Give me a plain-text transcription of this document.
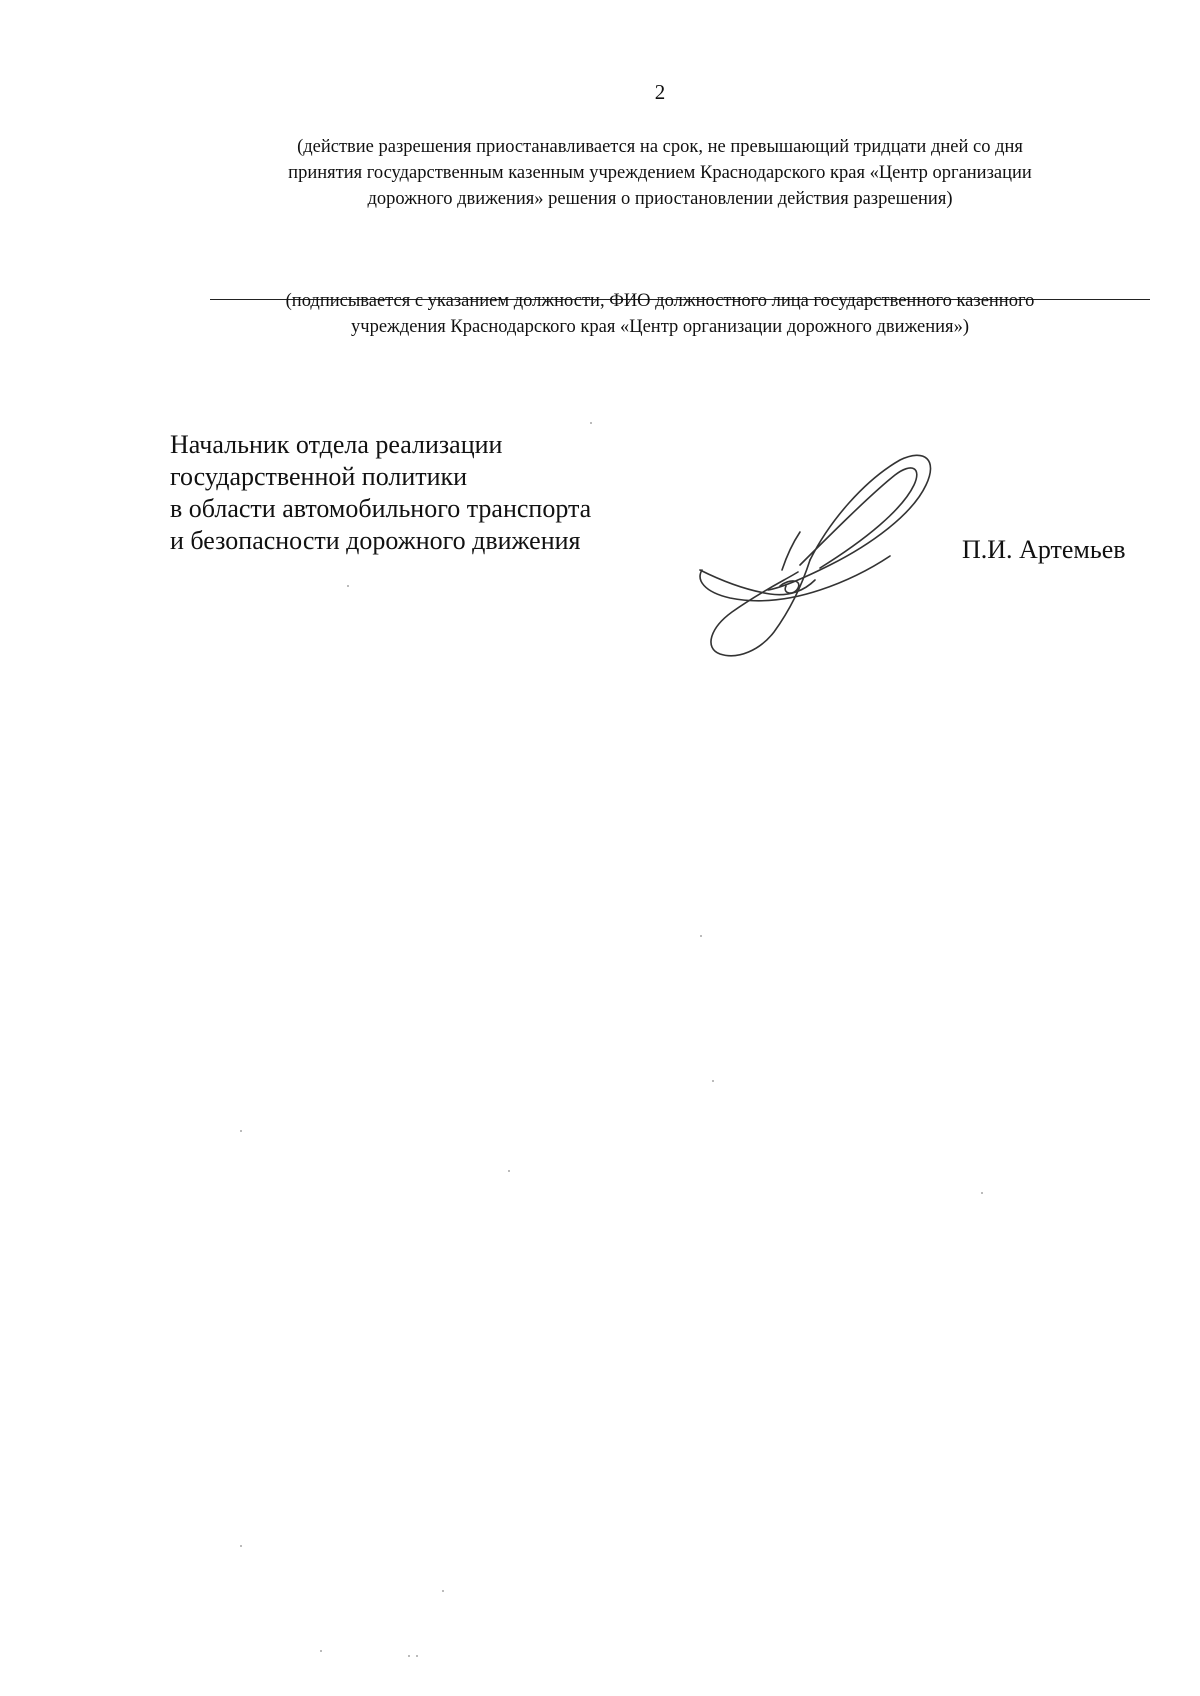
2
(действие разрешения приостанавливается на срок, не превышающий тридцати дней со дня
принятия государственным казенным учреждением Краснодарского края «Центр организации
дорожного движения» решения о приостановлении действия разрешения)
(подписывается с указанием должности, ФИО должностного лица государственного казенного
учреждения Краснодарского края «Центр организации дорожного движения»)
Начальник отдела реализации
государственной политики
в области автомобильного транспорта
и безопасности дорожного движения	П.И. Артемьев
